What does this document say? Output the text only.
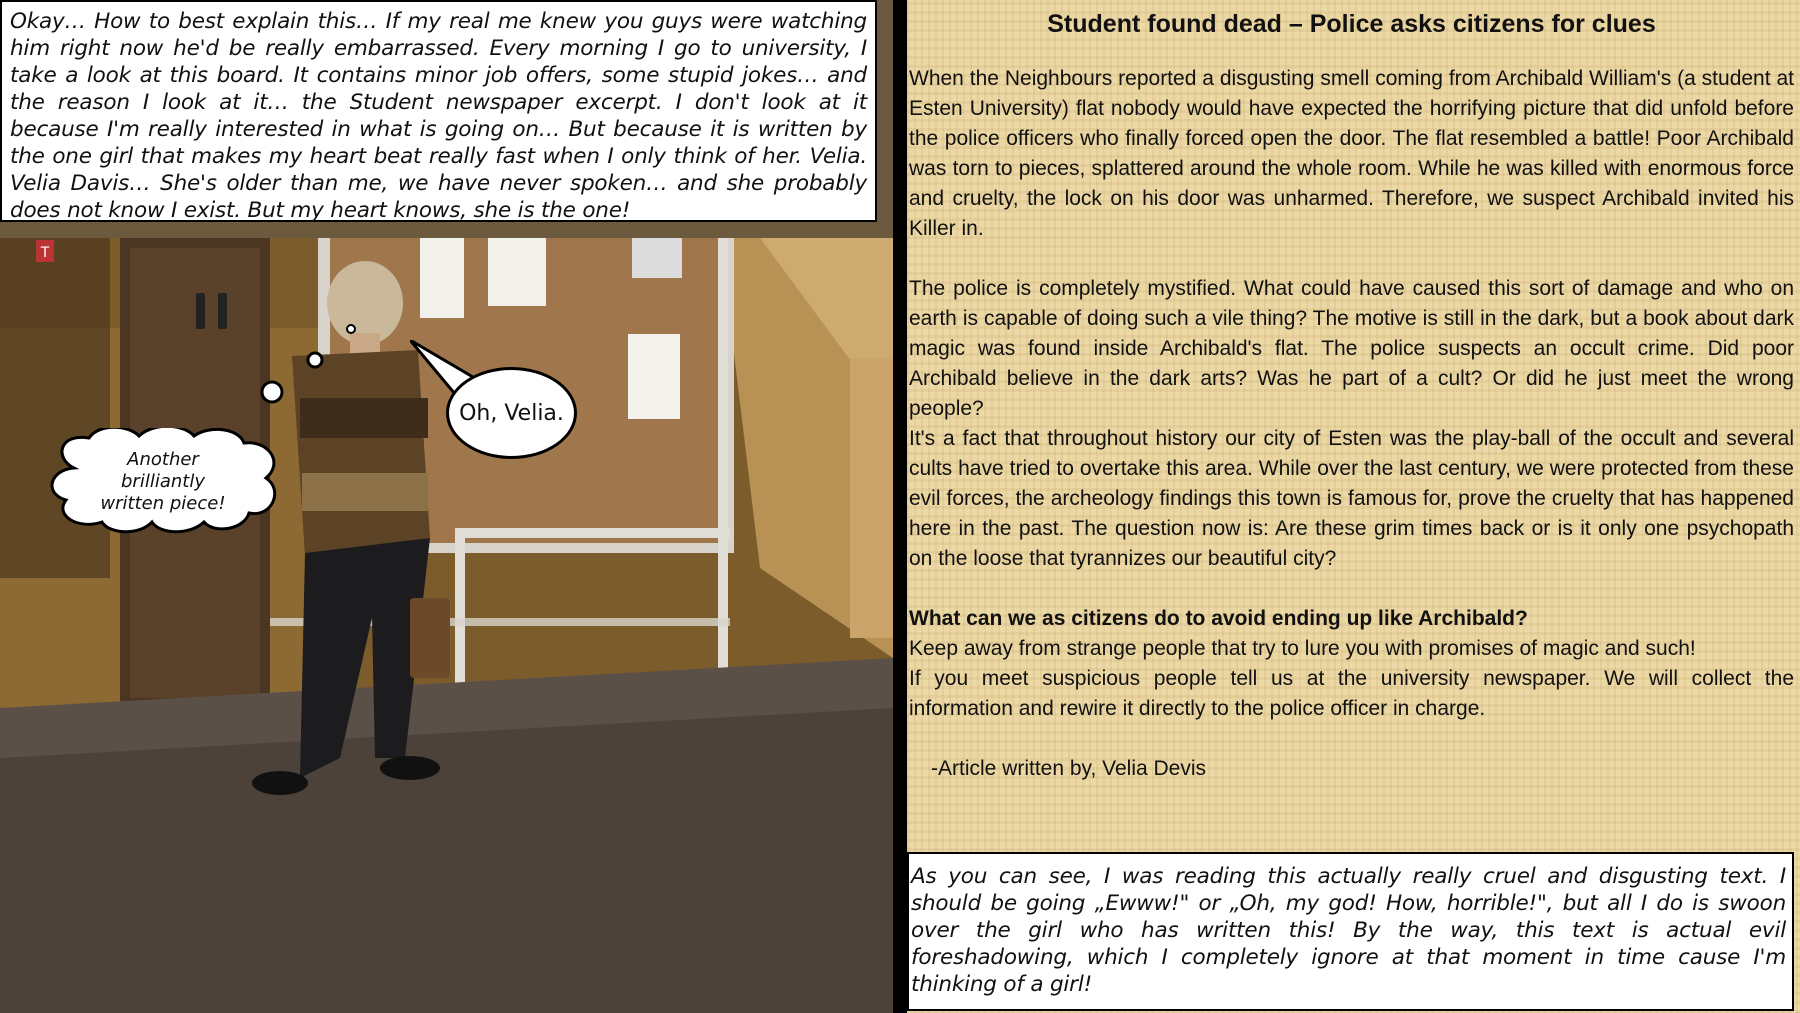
T

Okay… How to best explain this… If my real me knew you guys were watching him right now he'd be really embarrassed. Every morning I go to university, I take a look at this board. It contains minor job offers, some stupid jokes… and the reason I look at it… the Student newspaper excerpt. I don't look at it because I'm really interested in what is going on… But because it is written by the one girl that makes my heart beat really fast when I only think of her. Velia. Velia Davis… She's older than me, we have never spoken… and she probably does not know I exist. But my heart knows, she is the one!

Oh, Velia.
Another brilliantly written piece!
Student found dead – Police asks citizens for clues

When the Neighbours reported a disgusting smell coming from Archibald William's (a student at Esten University) flat nobody would have expected the horrifying picture that did unfold before the police officers who finally forced open the door. The flat resembled a battle! Poor Archibald was torn to pieces, splattered around the whole room. While he was killed with enormous force and cruelty, the lock on his door was unharmed. Therefore, we suspect Archibald invited his Killer in.

The police is completely mystified. What could have caused this sort of damage and who on earth is capable of doing such a vile thing? The motive is still in the dark, but a book about dark magic was found inside Archibald's flat. The police suspects an occult crime. Did poor Archibald believe in the dark arts? Was he part of a cult? Or did he just meet the wrong people?

It's a fact that throughout history our city of Esten was the play-ball of the occult and several cults have tried to overtake this area. While over the last century, we were protected from these evil forces, the archeology findings this town is famous for, prove the cruelty that has happened here in the past. The question now is: Are these grim times back or is it only one psychopath on the loose that tyrannizes our beautiful city?

What can we as citizens do to avoid ending up like Archibald?

Keep away from strange people that try to lure you with promises of magic and such!

If you meet suspicious people tell us at the university newspaper. We will collect the information and rewire it directly to the police officer in charge.

-Article written by, Velia Devis

As you can see, I was reading this actually really cruel and disgusting text. I should be going „Ewww!" or „Oh, my god! How, horrible!", but all I do is swoon over the girl who has written this! By the way, this text is actual evil foreshadowing, which I completely ignore at that moment in time cause I'm thinking of a girl!
